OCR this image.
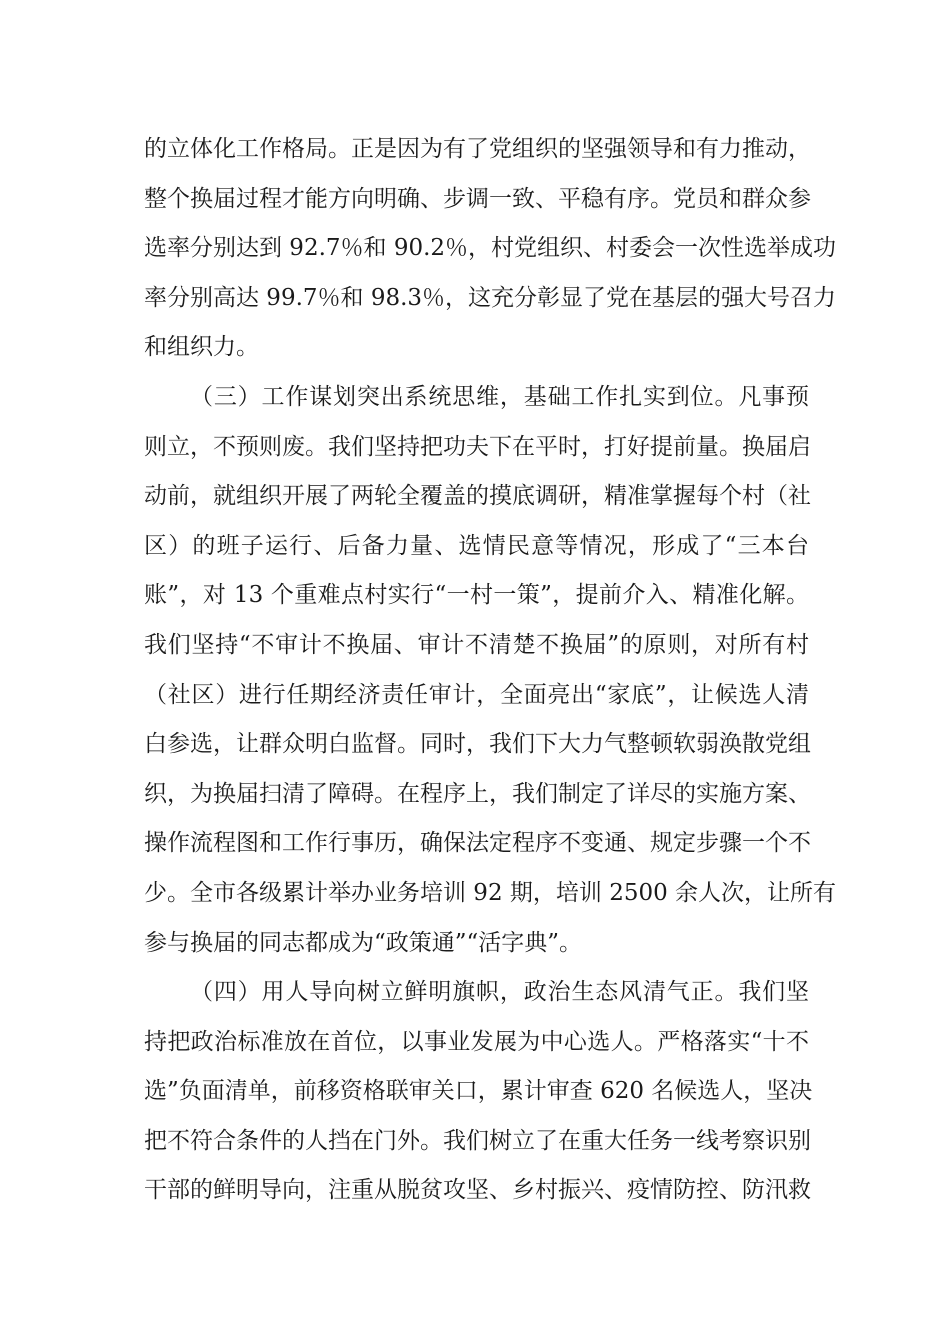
的立体化工作格局。正是因为有了党组织的坚强领导和有力推动，
整个换届过程才能方向明确、步调一致、平稳有序。党员和群众参
选率分别达到 92.7％和 90.2％，村党组织、村委会一次性选举成功
率分别高达 99.7％和 98.3％，这充分彰显了党在基层的强大号召力
和组织力。
（三）工作谋划突出系统思维，基础工作扎实到位。凡事预
则立，不预则废。我们坚持把功夫下在平时，打好提前量。换届启
动前，就组织开展了两轮全覆盖的摸底调研，精准掌握每个村（社
区）的班子运行、后备力量、选情民意等情况，形成了“三本台
账”，对 13 个重难点村实行“一村一策”，提前介入、精准化解。
我们坚持“不审计不换届、审计不清楚不换届”的原则，对所有村
（社区）进行任期经济责任审计，全面亮出“家底”，让候选人清
白参选，让群众明白监督。同时，我们下大力气整顿软弱涣散党组
织，为换届扫清了障碍。在程序上，我们制定了详尽的实施方案、
操作流程图和工作行事历，确保法定程序不变通、规定步骤一个不
少。全市各级累计举办业务培训 92 期，培训 2500 余人次，让所有
参与换届的同志都成为“政策通”“活字典”。
（四）用人导向树立鲜明旗帜，政治生态风清气正。我们坚
持把政治标准放在首位，以事业发展为中心选人。严格落实“十不
选”负面清单，前移资格联审关口，累计审查 620 名候选人，坚决
把不符合条件的人挡在门外。我们树立了在重大任务一线考察识别
干部的鲜明导向，注重从脱贫攻坚、乡村振兴、疫情防控、防汛救
